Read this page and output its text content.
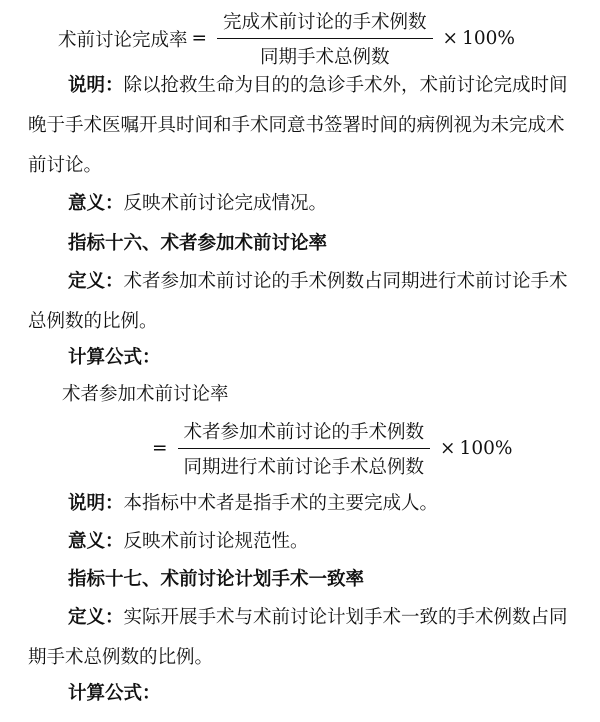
术前讨论完成率 = $\frac{\text{完成术前讨论的手术例数}}{\text{同期手术总例数}} \times 100\%$
说明：除以抢救生命为目的的急诊手术外，术前讨论完成时间晚于手术医嘱开具时间和手术同意书签署时间的病例视为未完成术前讨论。
意义：反映术前讨论完成情况。
指标十六、术者参加术前讨论率
定义：术者参加术前讨论的手术例数占同期进行术前讨论手术总例数的比例。
计算公式：
术者参加术前讨论率
= $\frac{\text{术者参加术前讨论的手术例数}}{\text{同期进行术前讨论手术总例数}} \times 100\%$
说明：本指标中术者是指手术的主要完成人。
意义：反映术前讨论规范性。
指标十七、术前讨论计划手术一致率
定义：实际开展手术与术前讨论计划手术一致的手术例数占同期手术总例数的比例。
计算公式：
